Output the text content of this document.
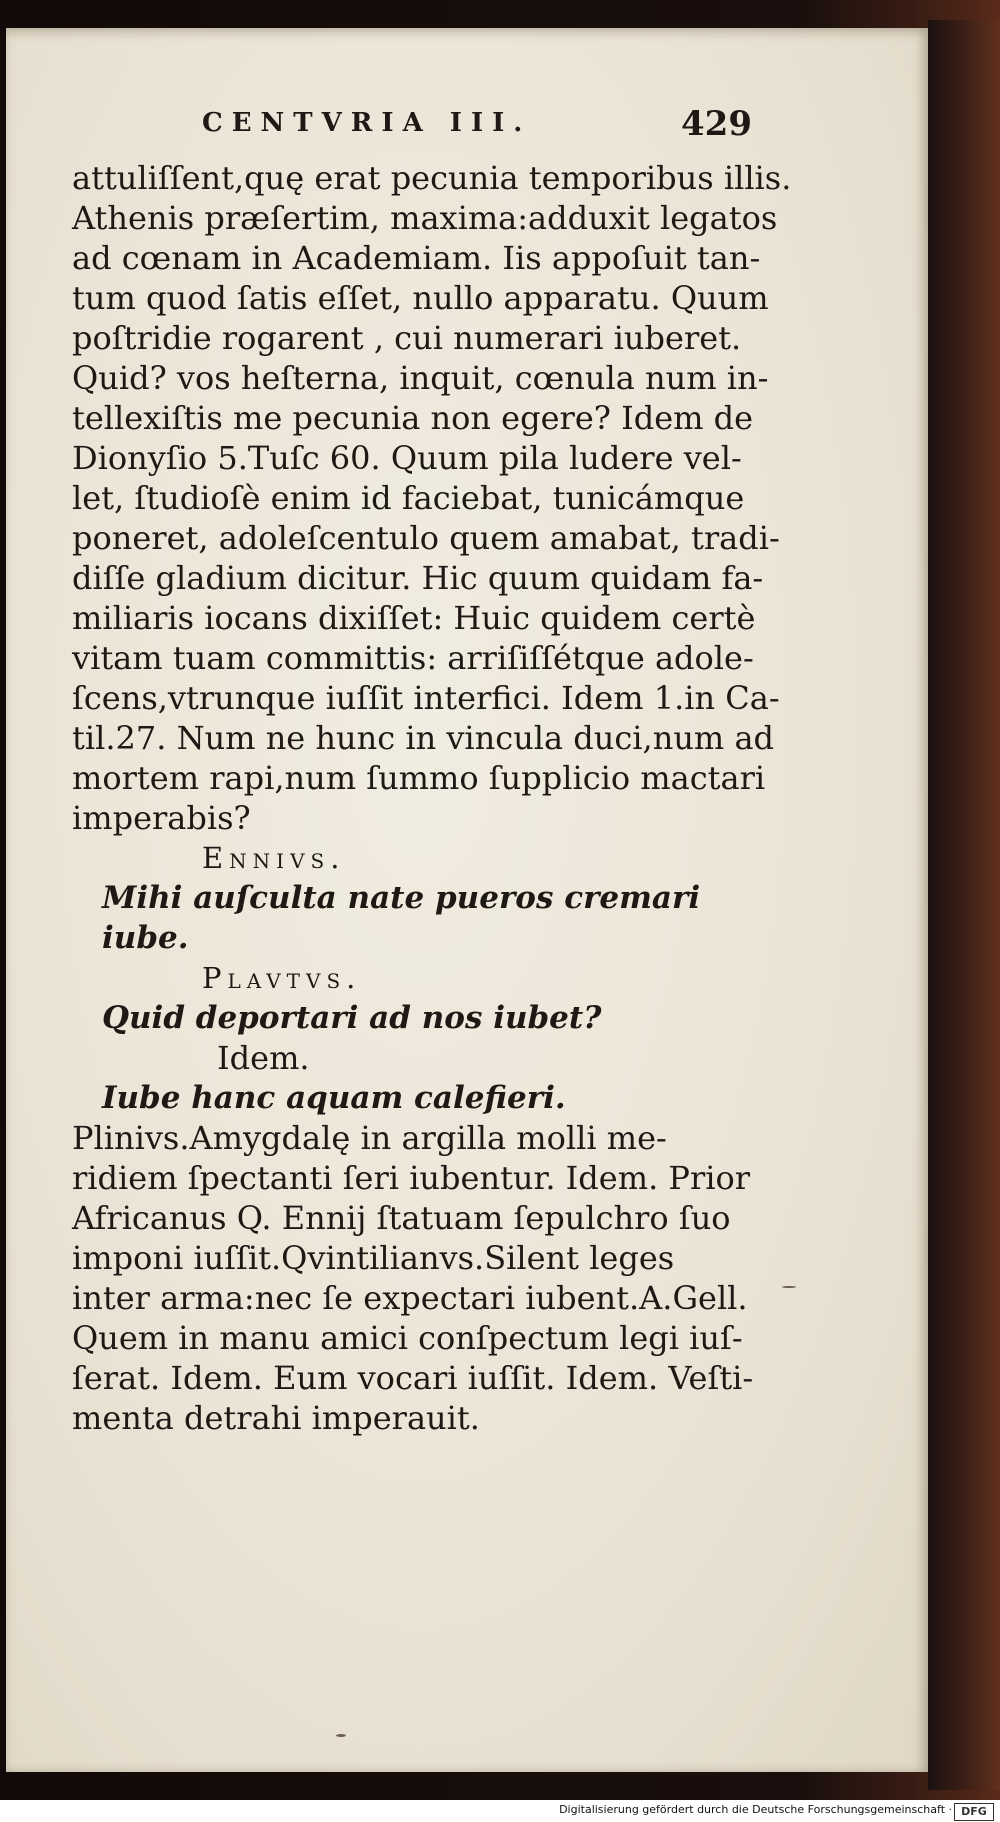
CENTVRIA III.	429
attuliſſent,quę erat pecunia temporibus illis.
Athenis præſertim, maxima:adduxit legatos
ad cœnam in Academiam. Iis appoſuit tan-
tum quod ſatis eſſet, nullo apparatu. Quum
poſtridie rogarent , cui numerari iuberet.
Quid? vos heſterna, inquit, cœnula num in-
tellexiſtis me pecunia non egere? Idem de
Dionyſio 5.Tuſc 60. Quum pila ludere vel-
let, ſtudioſè enim id faciebat, tunicámque
poneret, adoleſcentulo quem amabat, tradi-
diſſe gladium dicitur. Hic quum quidam fa-
miliaris iocans dixiſſet: Huic quidem certè
vitam tuam committis: arriſiſſétque adole-
ſcens,vtrunque iuſſit interfici. Idem 1.in Ca-
til.27. Num ne hunc in vincula duci,num ad
mortem rapi,num ſummo ſupplicio mactari
imperabis?
Ennivs.
Mihi auſculta nate pueros cremari iube.
Plavtvs.
Quid deportari ad nos iubet?
Idem.
Iube hanc aquam calefieri.
Plinivs.Amygdalę in argilla molli me-
ridiem ſpectanti ſeri iubentur. Idem. Prior
Africanus Q. Ennij ſtatuam ſepulchro ſuo
imponi iuſſit.Qvintilianvs.Silent leges
inter arma:nec ſe expectari iubent.A.Gell.
Quem in manu amici conſpectum legi iuſ-
ſerat. Idem. Eum vocari iuſſit. Idem. Veſti-
menta detrahi imperauit.
Digitalisierung gefördert durch die Deutsche Forschungsgemeinschaft · DFG
